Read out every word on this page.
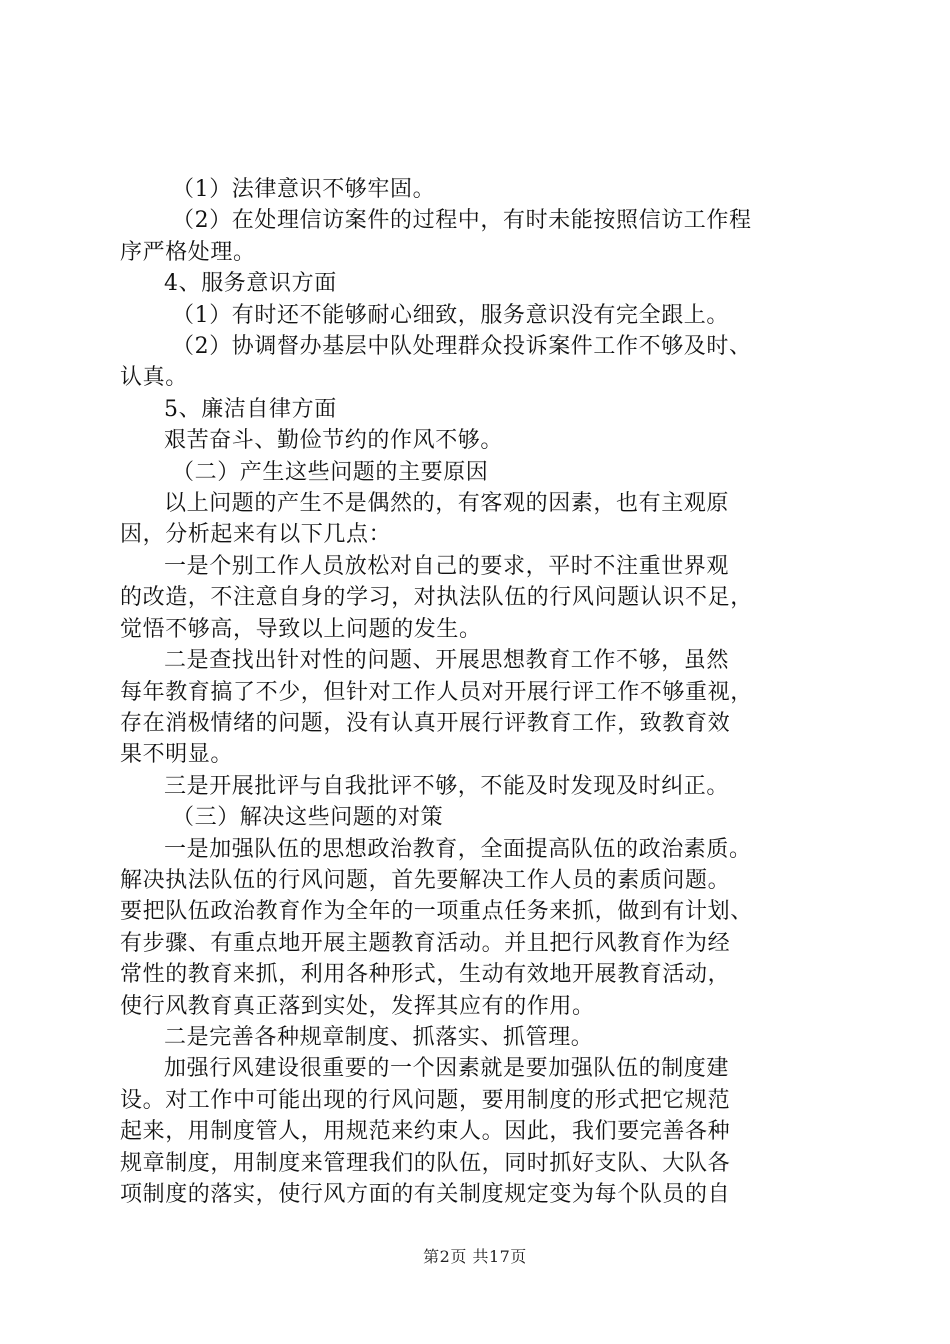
（1）法律意识不够牢固。

（2）在处理信访案件的过程中，有时未能按照信访工作程

序严格处理。

4、服务意识方面

（1）有时还不能够耐心细致，服务意识没有完全跟上。

（2）协调督办基层中队处理群众投诉案件工作不够及时、

认真。

5、廉洁自律方面

艰苦奋斗、勤俭节约的作风不够。

（二）产生这些问题的主要原因

以上问题的产生不是偶然的，有客观的因素，也有主观原

因，分析起来有以下几点：

一是个别工作人员放松对自己的要求，平时不注重世界观

的改造，不注意自身的学习，对执法队伍的行风问题认识不足，

觉悟不够高，导致以上问题的发生。

二是查找出针对性的问题、开展思想教育工作不够，虽然

每年教育搞了不少，但针对工作人员对开展行评工作不够重视，

存在消极情绪的问题，没有认真开展行评教育工作，致教育效

果不明显。

三是开展批评与自我批评不够，不能及时发现及时纠正。

（三）解决这些问题的对策

一是加强队伍的思想政治教育，全面提高队伍的政治素质。

解决执法队伍的行风问题，首先要解决工作人员的素质问题。

要把队伍政治教育作为全年的一项重点任务来抓，做到有计划、

有步骤、有重点地开展主题教育活动。并且把行风教育作为经

常性的教育来抓，利用各种形式，生动有效地开展教育活动，

使行风教育真正落到实处，发挥其应有的作用。

二是完善各种规章制度、抓落实、抓管理。

加强行风建设很重要的一个因素就是要加强队伍的制度建

设。对工作中可能出现的行风问题，要用制度的形式把它规范

起来，用制度管人，用规范来约束人。因此，我们要完善各种

规章制度，用制度来管理我们的队伍，同时抓好支队、大队各

项制度的落实，使行风方面的有关制度规定变为每个队员的自

第2页 共17页
